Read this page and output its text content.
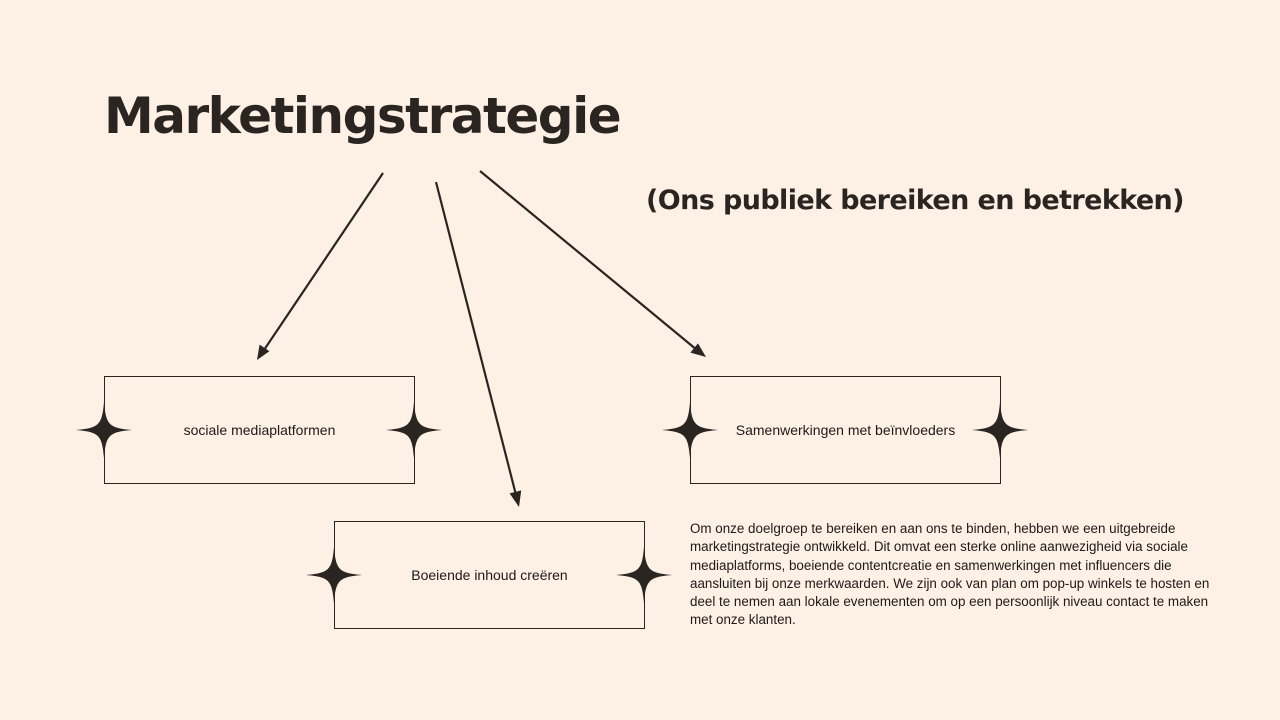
Marketingstrategie
(Ons publiek bereiken en betrekken)
sociale mediaplatformen	Samenwerkingen met beïnvloeders
Boeiende inhoud creëren

Om onze doelgroep te bereiken en aan ons te binden, hebben we een uitgebreide marketingstrategie ontwikkeld. Dit omvat een sterke online aanwezigheid via sociale mediaplatforms, boeiende contentcreatie en samenwerkingen met influencers die aansluiten bij onze merkwaarden. We zijn ook van plan om pop-up winkels te hosten en deel te nemen aan lokale evenementen om op een persoonlijk niveau contact te maken met onze klanten.
